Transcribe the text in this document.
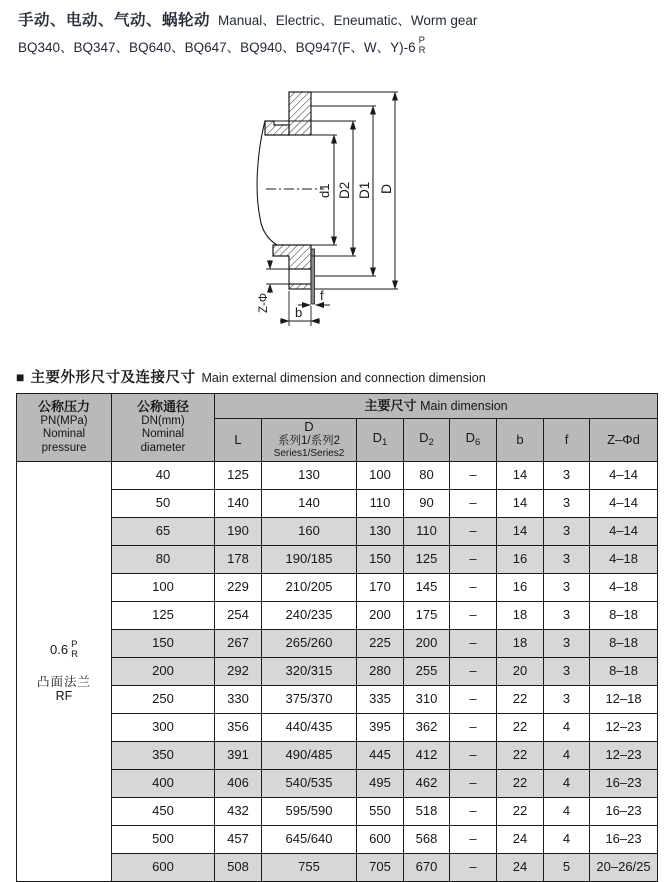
手动、电动、气动、蜗轮动 Manual、Electric、Eneumatic、Worm gear
BQ340、BQ347、BQ640、BQ647、BQ940、BQ947(F、W、Y)-6 P
R
d1 D2 D1 D
Z-Φ	f
b
■ 主要外形尺寸及连接尺寸 Main external dimension and connection dimension
公称压力
PN(MPa)
Nominal
pressure	公称通径
DN(mm)
Nominal
diameter	主要尺寸 Main dimension							
		L	D
系列1/系列2
Series1/Series2	$D_1$	$D_2$	$D_6$	b	f	Z–Φd

0.6 P
R
凸面法兰
RF	40	125	130	100	80	–	14	3	4–14
	50	140	140	110	90	–	14	3	4–14
	65	190	160	130	110	–	14	3	4–14
	80	178	190/185	150	125	–	16	3	4–18
	100	229	210/205	170	145	–	16	3	4–18
	125	254	240/235	200	175	–	18	3	8–18
	150	267	265/260	225	200	–	18	3	8–18
	200	292	320/315	280	255	–	20	3	8–18
	250	330	375/370	335	310	–	22	3	12–18
	300	356	440/435	395	362	–	22	4	12–23
	350	391	490/485	445	412	–	22	4	12–23
	400	406	540/535	495	462	–	22	4	16–23
	450	432	595/590	550	518	–	22	4	16–23
	500	457	645/640	600	568	–	24	4	16–23
	600	508	755	705	670	–	24	5	20–26/25
